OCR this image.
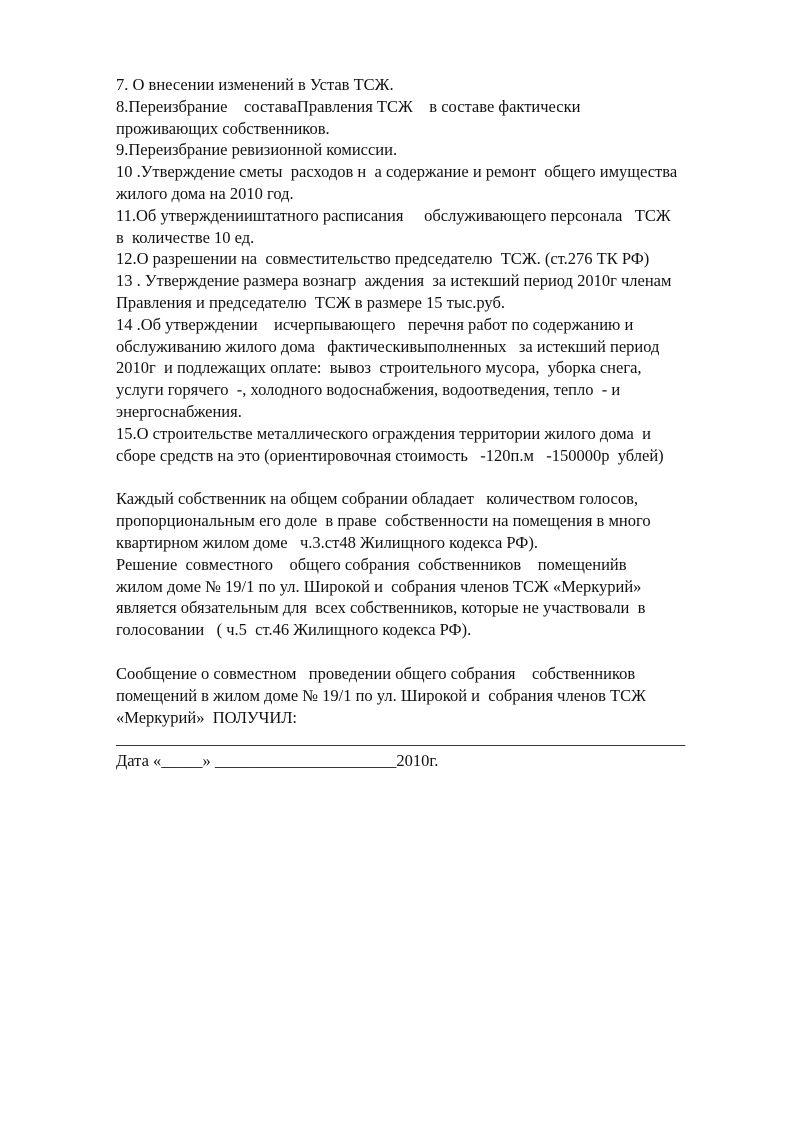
7. О внесении изменений в Устав ТСЖ.
8.Переизбрание    составаПравления ТСЖ    в составе фактически
проживающих собственников.
9.Переизбрание ревизионной комиссии.
10 .Утверждение сметы  расходов н  а содержание и ремонт  общего имущества
жилого дома на 2010 год.
11.Об утвержденииштатного расписания     обслуживающего персонала   ТСЖ
в  количестве 10 ед.
12.О разрешении на  совместительство председателю  ТСЖ. (ст.276 ТК РФ)
13 . Утверждение размера вознагр  аждения  за истекший период 2010г членам
Правления и председателю  ТСЖ в размере 15 тыс.руб.
14 .Об утверждении    исчерпывающего   перечня работ по содержанию и
обслуживанию жилого дома   фактическивыполненных   за истекший период
2010г  и подлежащих оплате:  вывоз  строительного мусора,  уборка снега,
услуги горячего  -, холодного водоснабжения, водоотведения, тепло  - и
энергоснабжения.
15.О строительстве металлического ограждения территории жилого дома  и
сборе средств на это (ориентировочная стоимость   -120п.м   -150000р  ублей)
Каждый собственник на общем собрании обладает   количеством голосов,
пропорциональным его доле  в праве  собственности на помещения в много
квартирном жилом доме   ч.3.ст48 Жилищного кодекса РФ).
Решение  совместного    общего собрания  собственников    помещенийв
жилом доме № 19/1 по ул. Широкой и  собрания членов ТСЖ «Меркурий»
является обязательным для  всех собственников, которые не участвовали  в
голосовании   ( ч.5  ст.46 Жилищного кодекса РФ).
Сообщение о совместном   проведении общего собрания    собственников
помещений в жилом доме № 19/1 по ул. Широкой и  собрания членов ТСЖ
«Меркурий»  ПОЛУЧИЛ:
_____________________________________________________________________
Дата «_____» ______________________2010г.
